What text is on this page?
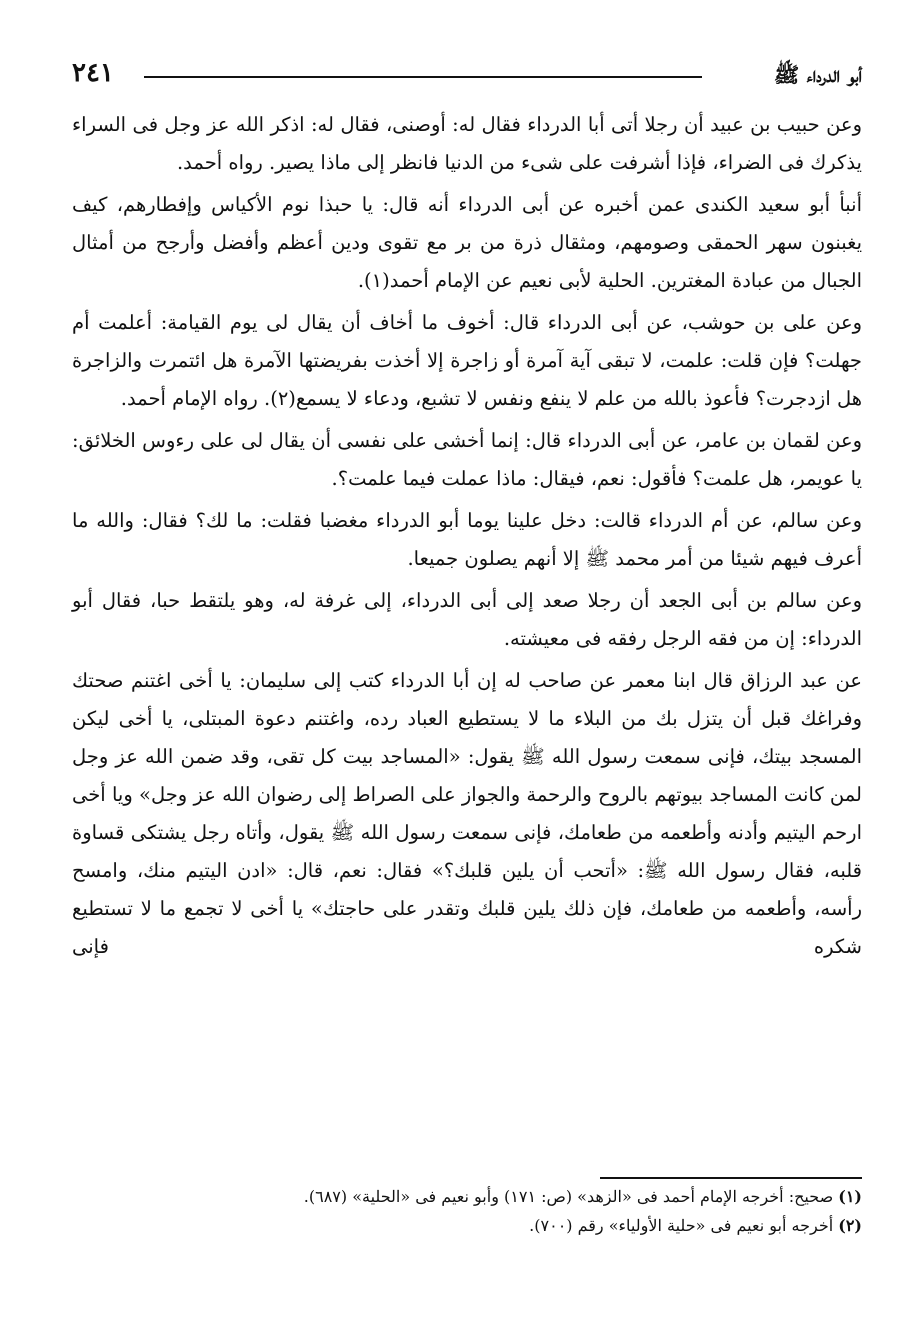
أبو الدرداء ﷺ
٢٤١

وعن حبيب بن عبيد أن رجلا أتى أبا الدرداء فقال له: أوصنى، فقال له: اذكر الله عز وجل فى السراء يذكرك فى الضراء، فإذا أشرفت على شىء من الدنيا فانظر إلى ماذا يصير. رواه أحمد.

أنبأ أبو سعيد الكندى عمن أخبره عن أبى الدرداء أنه قال: يا حبذا نوم الأكياس وإفطارهم، كيف يغبنون سهر الحمقى وصومهم، ومثقال ذرة من بر مع تقوى ودين أعظم وأفضل وأرجح من أمثال الجبال من عبادة المغترين. الحلية لأبى نعيم عن الإمام أحمد(١).

وعن على بن حوشب، عن أبى الدرداء قال: أخوف ما أخاف أن يقال لى يوم القيامة: أعلمت أم جهلت؟ فإن قلت: علمت، لا تبقى آية آمرة أو زاجرة إلا أخذت بفريضتها الآمرة هل ائتمرت والزاجرة هل ازدجرت؟ فأعوذ بالله من علم لا ينفع ونفس لا تشبع، ودعاء لا يسمع(٢). رواه الإمام أحمد.

وعن لقمان بن عامر، عن أبى الدرداء قال: إنما أخشى على نفسى أن يقال لى على رءوس الخلائق: يا عويمر، هل علمت؟ فأقول: نعم، فيقال: ماذا عملت فيما علمت؟.

وعن سالم، عن أم الدرداء قالت: دخل علينا يوما أبو الدرداء مغضبا فقلت: ما لك؟ فقال: والله ما أعرف فيهم شيئا من أمر محمد ﷺ إلا أنهم يصلون جميعا.

وعن سالم بن أبى الجعد أن رجلا صعد إلى أبى الدرداء، إلى غرفة له، وهو يلتقط حبا، فقال أبو الدرداء: إن من فقه الرجل رفقه فى معيشته.

عن عبد الرزاق قال ابنا معمر عن صاحب له إن أبا الدرداء كتب إلى سليمان: يا أخى اغتنم صحتك وفراغك قبل أن يتزل بك من البلاء ما لا يستطيع العباد رده، واغتنم دعوة المبتلى، يا أخى ليكن المسجد بيتك، فإنى سمعت رسول الله ﷺ يقول: «المساجد بيت كل تقى، وقد ضمن الله عز وجل لمن كانت المساجد بيوتهم بالروح والرحمة والجواز على الصراط إلى رضوان الله عز وجل» ويا أخى ارحم اليتيم وأدنه وأطعمه من طعامك، فإنى سمعت رسول الله ﷺ يقول، وأتاه رجل يشتكى قساوة قلبه، فقال رسول الله ﷺ: «أتحب أن يلين قلبك؟» فقال: نعم، قال: «ادن اليتيم منك، وامسح رأسه، وأطعمه من طعامك، فإن ذلك يلين قلبك وتقدر على حاجتك» يا أخى لا تجمع ما لا تستطيع شكره فإنى

(١) صحيح: أخرجه الإمام أحمد فى «الزهد» (ص: ١٧١) وأبو نعيم فى «الحلية» (٦٨٧).

(٢) أخرجه أبو نعيم فى «حلية الأولياء» رقم (٧٠٠).
